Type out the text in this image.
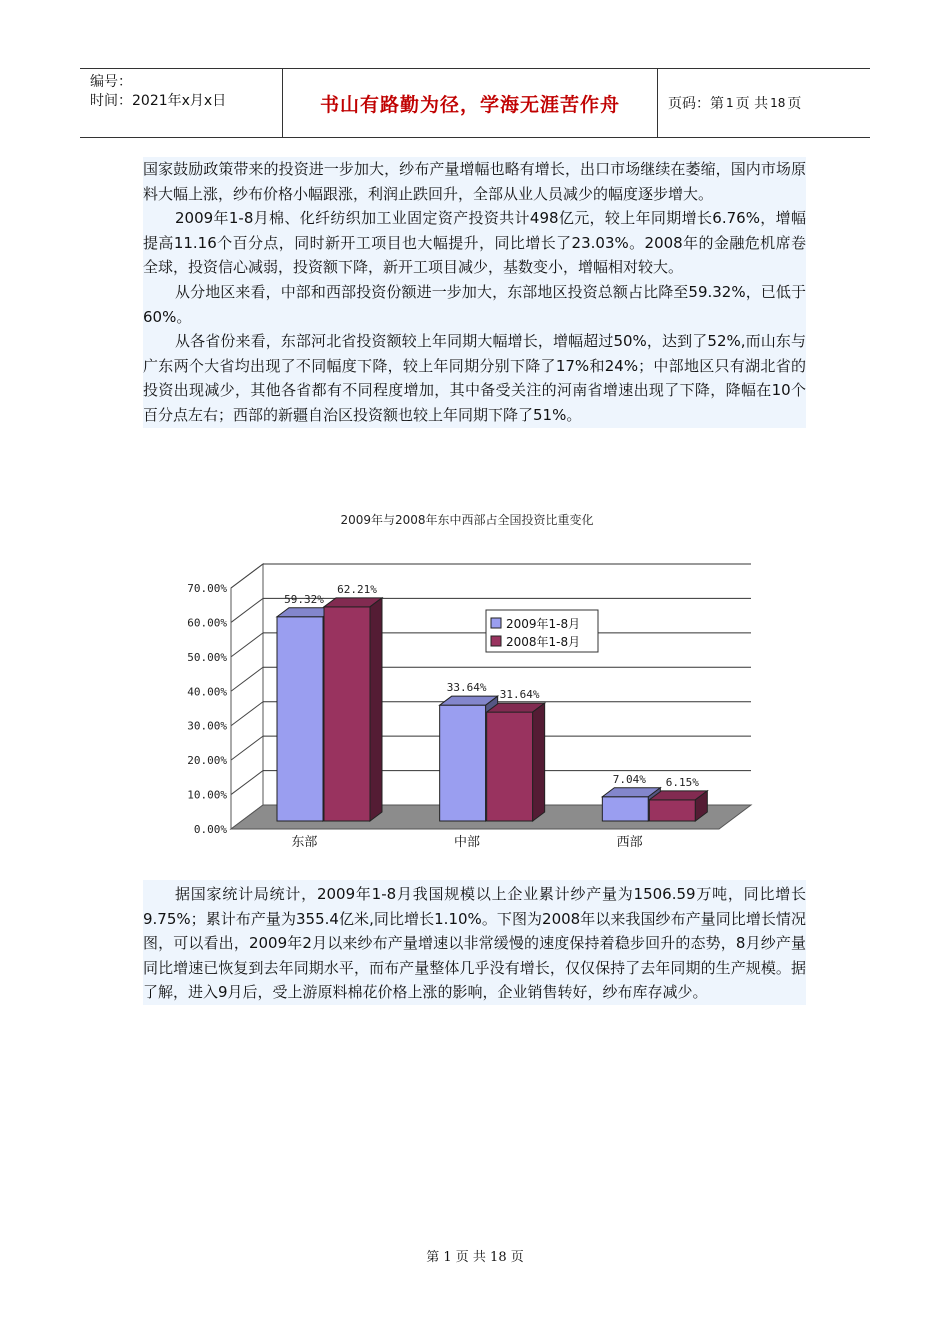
编号：
时间：2021年x月x日	书山有路勤为径，学海无涯苦作舟	页码：第 1 页 共 18 页

国家鼓励政策带来的投资进一步加大，纱布产量增幅也略有增长，出口市场继续在萎缩，国内市场原料大幅上涨，纱布价格小幅跟涨，利润止跌回升，全部从业人员减少的幅度逐步增大。

2009年1-8月棉、化纤纺织加工业固定资产投资共计498亿元，较上年同期增长6.76%，增幅提高11.16个百分点，同时新开工项目也大幅提升，同比增长了23.03%。2008年的金融危机席卷全球，投资信心减弱，投资额下降，新开工项目减少，基数变小，增幅相对较大。

从分地区来看，中部和西部投资份额进一步加大，东部地区投资总额占比降至59.32%，已低于60%。

从各省份来看，东部河北省投资额较上年同期大幅增长，增幅超过50%，达到了52%,而山东与广东两个大省均出现了不同幅度下降，较上年同期分别下降了17%和24%；中部地区只有湖北省的投资出现减少，其他各省都有不同程度增加，其中备受关注的河南省增速出现了下降，降幅在10个百分点左右；西部的新疆自治区投资额也较上年同期下降了51%。

2009年与2008年东中西部占全国投资比重变化
0.00%
10.00%
20.00%
30.00%
40.00%
50.00%
60.00%
70.00%
59.32%
62.21%
东部
33.64%
31.64%
中部
7.04% 6.15%
西部
2009年1-8月
2008年1-8月

据国家统计局统计，2009年1-8月我国规模以上企业累计纱产量为1506.59万吨，同比增长9.75%；累计布产量为355.4亿米,同比增长1.10%。下图为2008年以来我国纱布产量同比增长情况图，可以看出，2009年2月以来纱布产量增速以非常缓慢的速度保持着稳步回升的态势，8月纱产量同比增速已恢复到去年同期水平，而布产量整体几乎没有增长，仅仅保持了去年同期的生产规模。据了解，进入9月后，受上游原料棉花价格上涨的影响，企业销售转好，纱布库存减少。

第 1 页 共 18 页
